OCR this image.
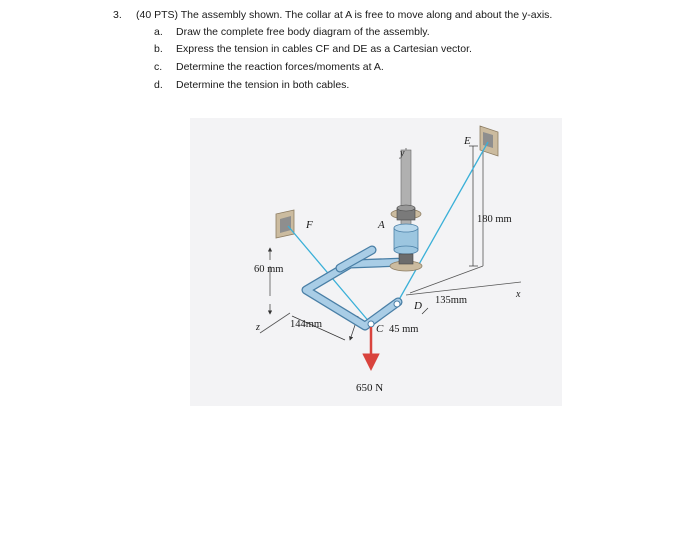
3. (40 PTS) The assembly shown. The collar at A is free to move along and about the y-axis.
a. Draw the complete free body diagram of the assembly.
b. Express the tension in cables CF and DE as a Cartesian vector.
c. Determine the reaction forces/moments at A.
d. Determine the tension in both cables.
A
E
F
D
C
y
x
z
180 mm
60 mm
144mm	45 mm
135mm
650 N
